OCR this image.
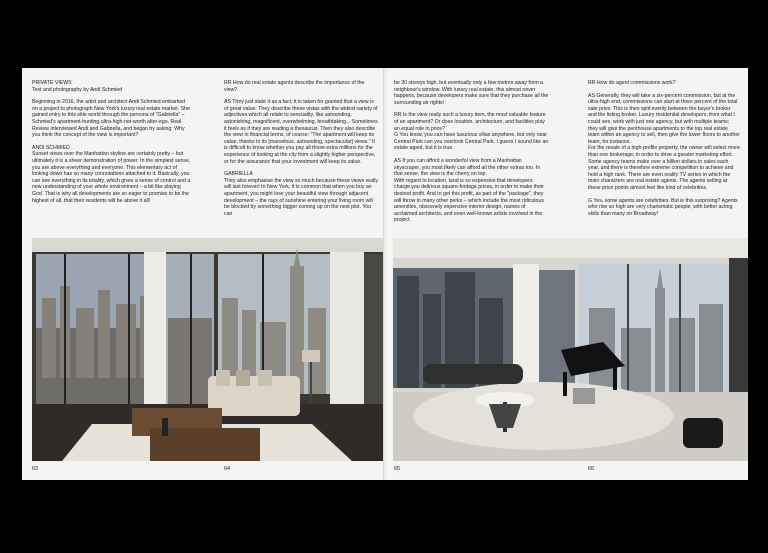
PRIVATE VIEWS

Text and photography by Andi Schmied

Beginning in 2016, the artist and architect Andi Schmied embarked on a project to photograph New York's luxury real estate market. She gained entry to this elite world through the persona of "Gabriella" – Schmied's apartment-hunting ultra-high-net-worth alter-ego. Real Review interviewed Andi and Gabriella, and began by asking: Why you think the concept of the view is important?

ANDI SCHMIED

Sunset views over the Manhattan skyline are certainly pretty – but ultimately it is a sheer demonstration of power. In the simplest sense, you are above everything and everyone. This elementary act of looking down has so many connotations attached to it. Basically, you can see everything in its totality, which gives a sense of control and a new understanding of your whole environment – a bit like playing God. That is why all developments are so eager to promise to be the highest of all, that their residents will be above it all!

RR How do real estate agents describe the importance of the view?

AS They just state it as a fact; it is taken for granted that a view is of great value. They describe these vistas with the widest variety of adjectives which all relate to sensuality, like astounding, astonishing, magnificent, overwhelming, breathtaking... Sometimes it feels as if they are reading a thesaurus. Then they also describe the view in financial terms, of course: "The apartment will keep its value, thanks to its [marvelous, astounding, spectacular] views." It is difficult to know whether you pay all those extra millions for the experience of looking at the city from a slightly higher perspective, or for the assurance that your investment will keep its value.

GABRIELLA

They also emphasise the view so much because these views really will last forever! In New York, it is common that when you buy an apartment, you might lose your beautiful view through adjacent development – the rays of sunshine entering your living room will be blocked by something bigger coming up on the next plot. You can

63	64

be 30 storeys high, but eventually only a few metres away from a neighbour's window. With luxury real estate, this almost never happens, because developers make sure that they purchase all the surrounding air rights!

RR Is the view really such a luxury item, the most valuable feature of an apartment? Or does location, architecture, and facilities play an equal role in price?

G You know, you can have luxurious villas anywhere, but only near Central Park can you overlook Central Park. I guess I sound like an estate agent, but it is true.

AS If you can afford a wonderful view from a Manhattan skyscraper, you most likely can afford all the other extras too. In that sense, the view is the cherry on top.

With regard to location, land is so expensive that developers charge you delirious square-footage prices, in order to make their desired profit. And to get this profit, as part of the "package", they will throw in many other perks – which include the most ridiculous amenities, obscenely expensive interior design, names of acclaimed architects, and even well-known artists involved in the project.

RR How do agent commissions work?

AS Generally, they will take a six-percent commission, but at the ultra-high end, commissions can start at three percent of the total sale price. This is then split evenly between the buyer's broker and the listing broker. Luxury residential developers, from what I could see, work with just one agency, but with multiple teams; they will give the penthouse apartments to the top real estate team within an agency to sell, then give the lower floors to another team, for instance.

For the resale of a high-profile property, the owner will select more than one brokerage, in order to drive a greater marketing effort. Some agency teams make over a billion dollars in sales each year, and there is therefore extreme competition to achieve and hold a high rank. There are even reality TV series in which the main characters are real estate agents. The agents selling at these price points almost feel like kind of celebrities.

G Yes, some agents are celebrities. But is this surprising? Agents who rise so high are very charismatic people, with better acting skills than many on Broadway!

65	66
